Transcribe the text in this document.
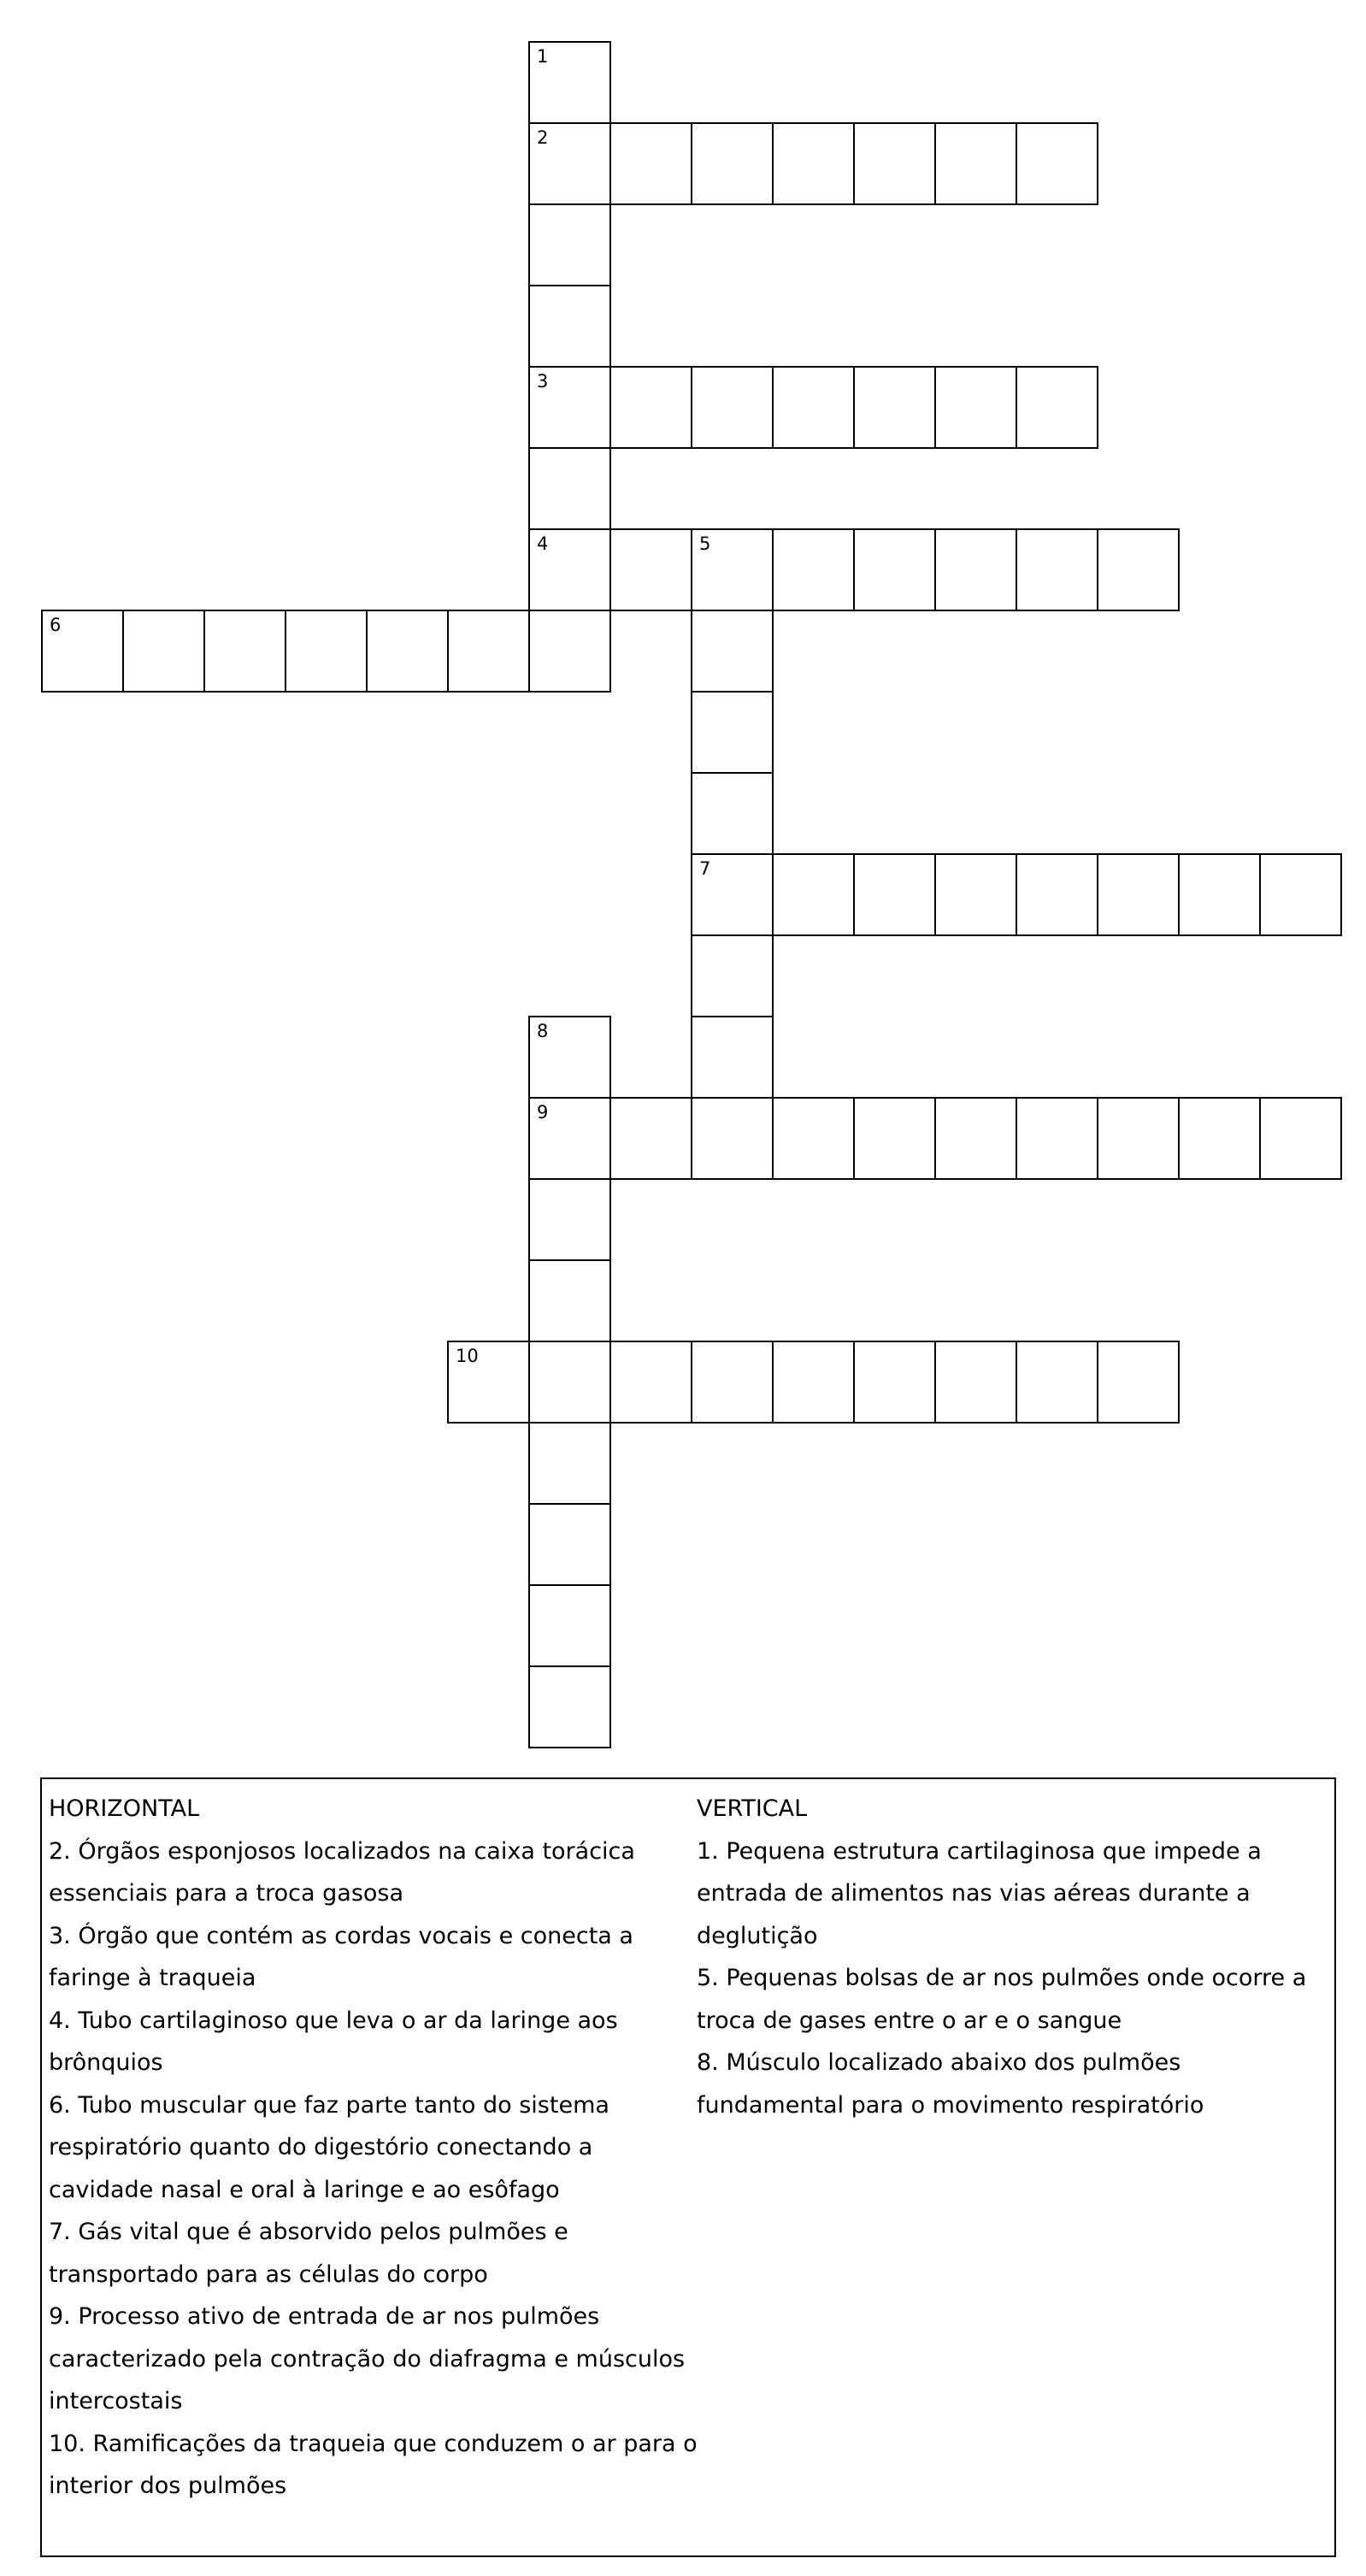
1
2
3
4	5
7
6
8
9
10
HORIZONTAL
2. Órgãos esponjosos localizados na caixa torácica essenciais para a troca gasosa
3. Órgão que contém as cordas vocais e conecta a faringe à traqueia
4. Tubo cartilaginoso que leva o ar da laringe aos brônquios
6. Tubo muscular que faz parte tanto do sistema respiratório quanto do digestório conectando a cavidade nasal e oral à laringe e ao esôfago
7. Gás vital que é absorvido pelos pulmões e transportado para as células do corpo
9. Processo ativo de entrada de ar nos pulmões caracterizado pela contração do diafragma e músculos intercostais
10. Ramificações da traqueia que conduzem o ar para o interior dos pulmões
VERTICAL
1. Pequena estrutura cartilaginosa que impede a entrada de alimentos nas vias aéreas durante a deglutição
5. Pequenas bolsas de ar nos pulmões onde ocorre a troca de gases entre o ar e o sangue
8. Músculo localizado abaixo dos pulmões fundamental para o movimento respiratório
